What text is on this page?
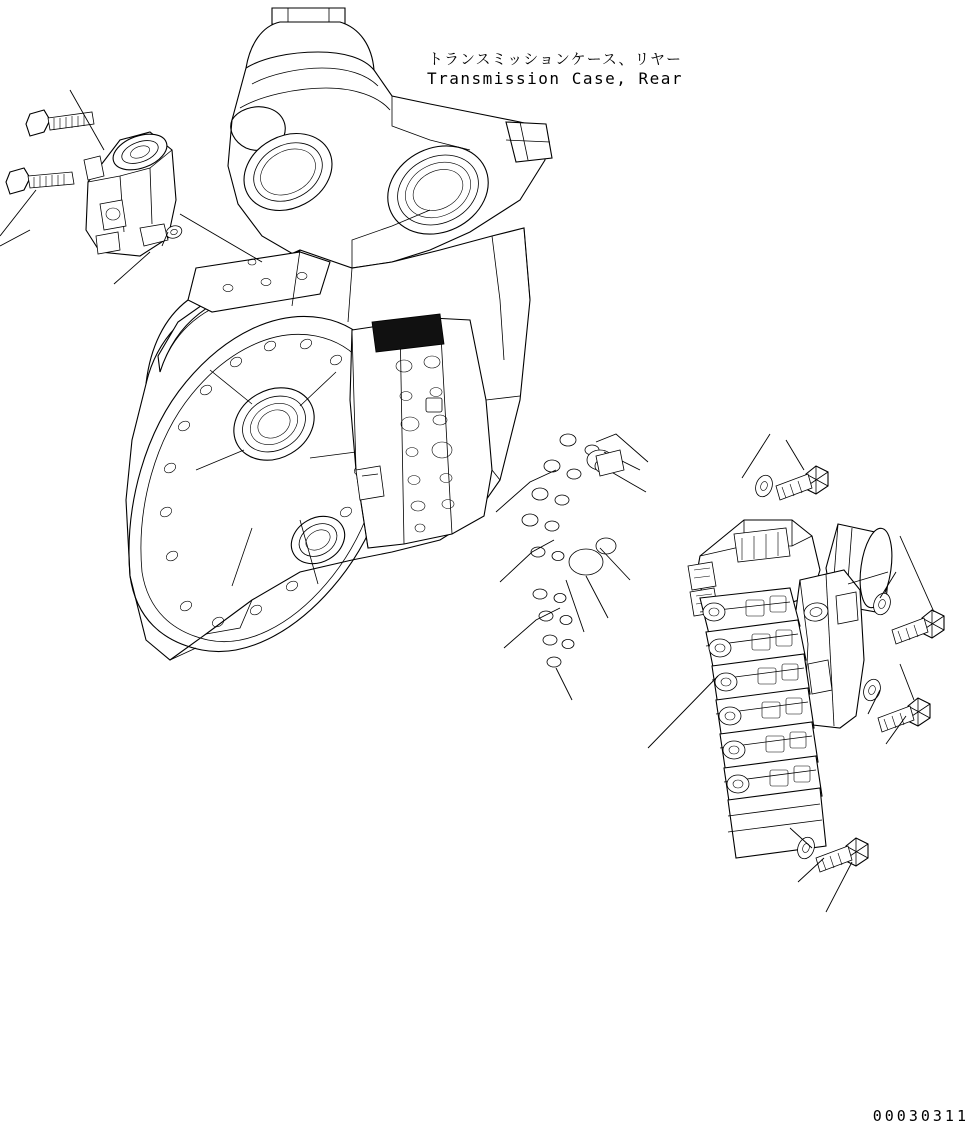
トランスミッションケース、リヤー
Transmission Case, Rear
00030311
